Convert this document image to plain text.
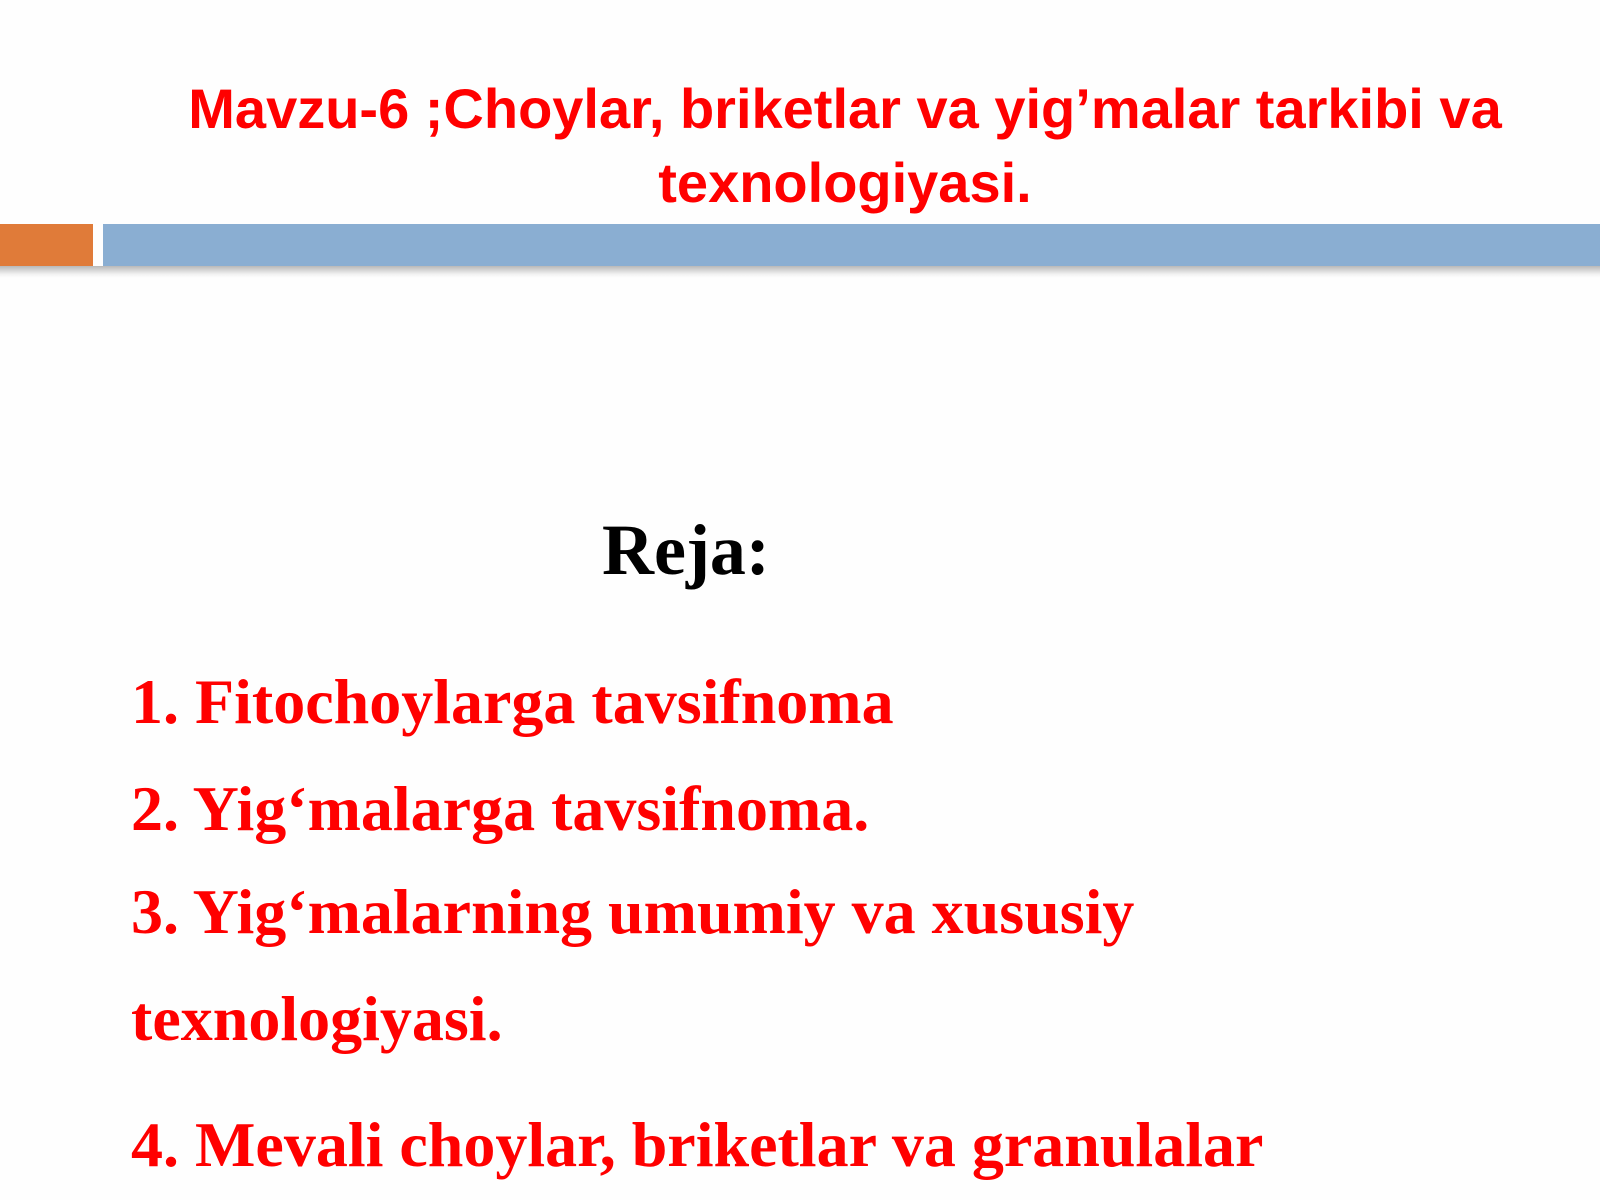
Mavzu-6 ;Choylar, briketlar va yig’malar tarkibi va
texnologiyasi.
Reja:
1. Fitochoylarga tavsifnoma
2. Yig‘malarga tavsifnoma.
3. Yig‘malarning umumiy va xususiy
texnologiyasi.
4. Mevali choylar, briketlar va granulalar
